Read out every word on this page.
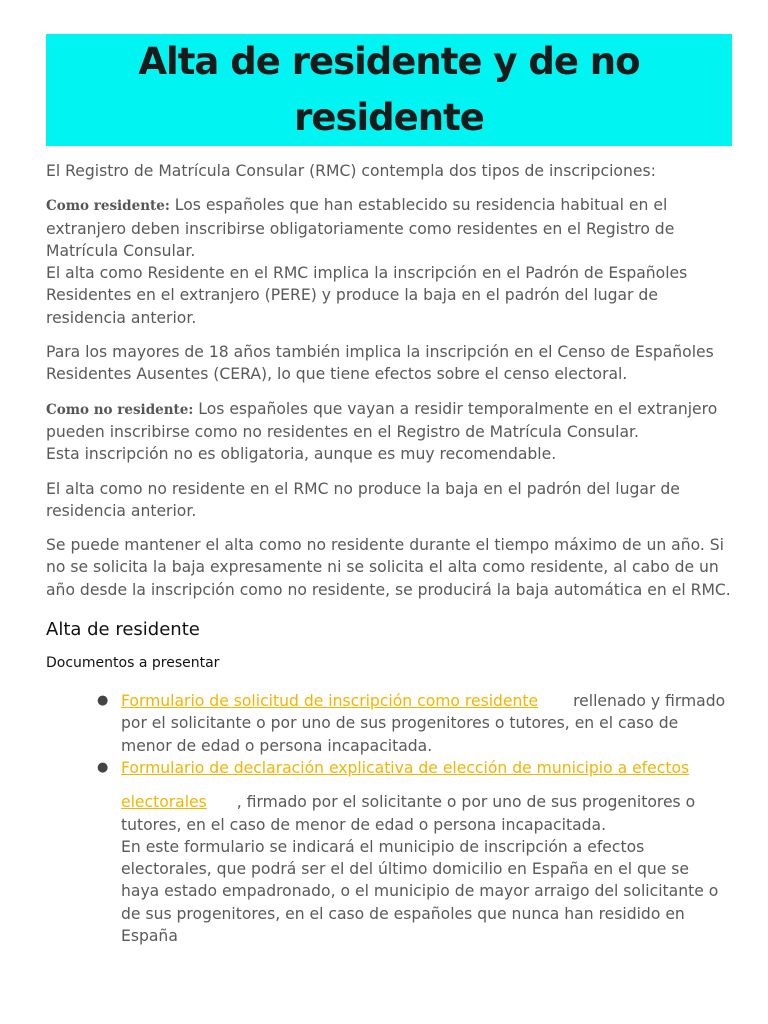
Alta de residente y de no residente

El Registro de Matrícula Consular (RMC) contempla dos tipos de inscripciones:

Como residente: Los españoles que han establecido su residencia habitual en el extranjero deben inscribirse obligatoriamente como residentes en el Registro de Matrícula Consular.
El alta como Residente en el RMC implica la inscripción en el Padrón de Españoles Residentes en el extranjero (PERE) y produce la baja en el padrón del lugar de residencia anterior.

Para los mayores de 18 años también implica la inscripción en el Censo de Españoles Residentes Ausentes (CERA), lo que tiene efectos sobre el censo electoral.

Como no residente: Los españoles que vayan a residir temporalmente en el extranjero pueden inscribirse como no residentes en el Registro de Matrícula Consular.
Esta inscripción no es obligatoria, aunque es muy recomendable.

El alta como no residente en el RMC no produce la baja en el padrón del lugar de residencia anterior.

Se puede mantener el alta como no residente durante el tiempo máximo de un año. Si no se solicita la baja expresamente ni se solicita el alta como residente, al cabo de un año desde la inscripción como no residente, se producirá la baja automática en el RMC.

Alta de residente
Documentos a presentar
● Formulario de solicitud de inscripción como residente rellenado y firmado por el solicitante o por uno de sus progenitores o tutores, en el caso de menor de edad o persona incapacitada.
● Formulario de declaración explicativa de elección de municipio a efectos
electorales , firmado por el solicitante o por uno de sus progenitores o tutores, en el caso de menor de edad o persona incapacitada.
En este formulario se indicará el municipio de inscripción a efectos electorales, que podrá ser el del último domicilio en España en el que se haya estado empadronado, o el municipio de mayor arraigo del solicitante o de sus progenitores, en el caso de españoles que nunca han residido en España
